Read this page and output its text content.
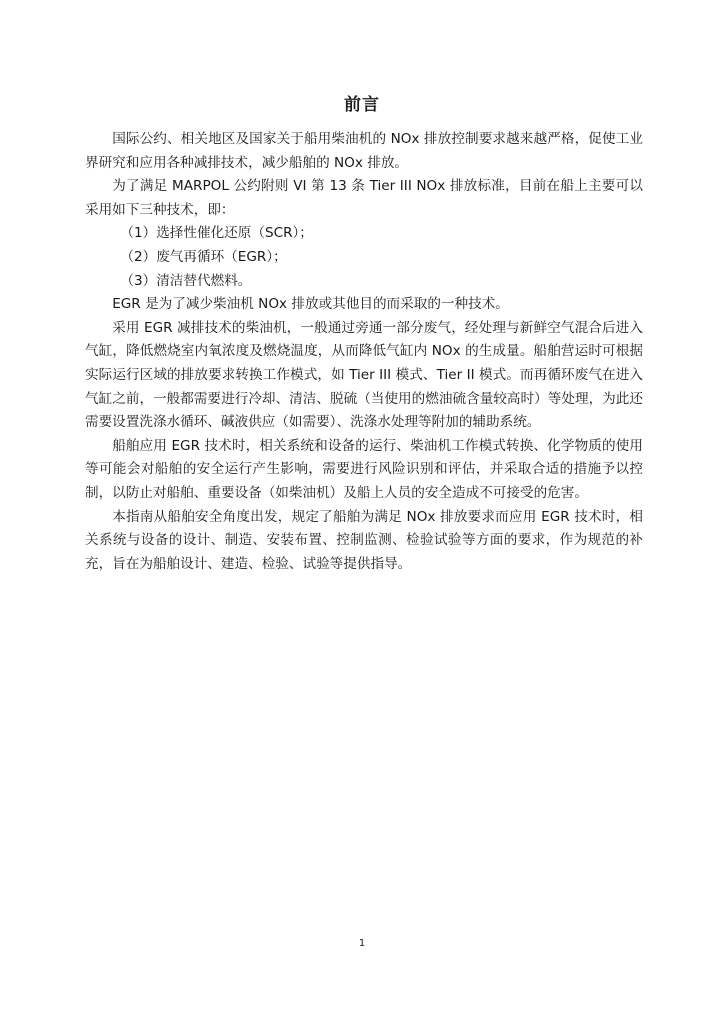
前言

国际公约、相关地区及国家关于船用柴油机的 NOx 排放控制要求越来越严格，促使工业界研究和应用各种减排技术，减少船舶的 NOx 排放。

为了满足 MARPOL 公约附则 VI 第 13 条 Tier III NOx 排放标准，目前在船上主要可以采用如下三种技术，即：

（1）选择性催化还原（SCR）；

（2）废气再循环（EGR）；

（3）清洁替代燃料。

EGR 是为了减少柴油机 NOx 排放或其他目的而采取的一种技术。

采用 EGR 减排技术的柴油机，一般通过旁通一部分废气，经处理与新鲜空气混合后进入气缸，降低燃烧室内氧浓度及燃烧温度，从而降低气缸内 NOx 的生成量。船舶营运时可根据实际运行区域的排放要求转换工作模式，如 Tier III 模式、Tier II 模式。而再循环废气在进入气缸之前，一般都需要进行冷却、清洁、脱硫（当使用的燃油硫含量较高时）等处理，为此还需要设置洗涤水循环、碱液供应（如需要）、洗涤水处理等附加的辅助系统。

船舶应用 EGR 技术时，相关系统和设备的运行、柴油机工作模式转换、化学物质的使用等可能会对船舶的安全运行产生影响，需要进行风险识别和评估，并采取合适的措施予以控制，以防止对船舶、重要设备（如柴油机）及船上人员的安全造成不可接受的危害。

本指南从船舶安全角度出发，规定了船舶为满足 NOx 排放要求而应用 EGR 技术时，相关系统与设备的设计、制造、安装布置、控制监测、检验试验等方面的要求，作为规范的补充，旨在为船舶设计、建造、检验、试验等提供指导。

1
